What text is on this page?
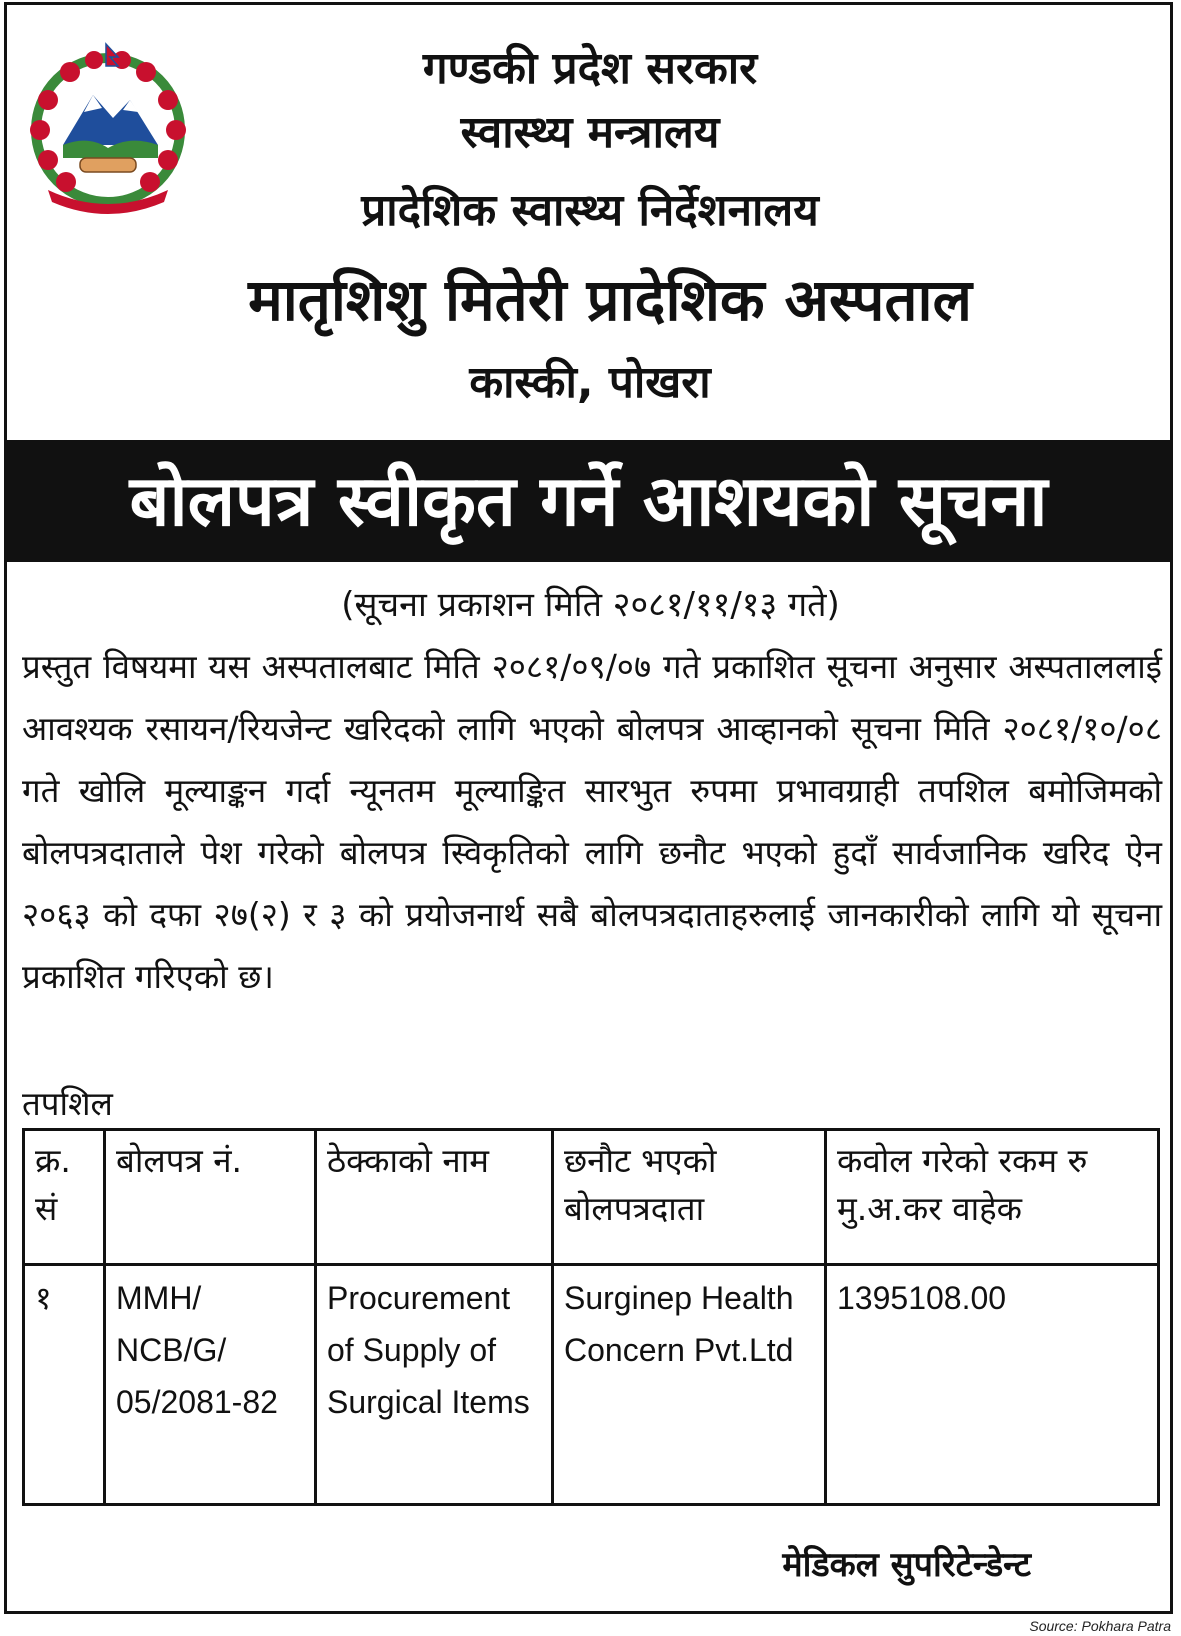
गण्डकी प्रदेश सरकार
स्वास्थ्य मन्त्रालय
प्रादेशिक स्वास्थ्य निर्देशनालय
मातृशिशु मितेरी प्रादेशिक अस्पताल
कास्की, पोखरा
बोलपत्र स्वीकृत गर्ने आशयको सूचना
(सूचना प्रकाशन मिति २०८१/११/१३ गते)
प्रस्तुत विषयमा यस अस्पतालबाट मिति २०८१/०९/०७ गते प्रकाशित सूचना अनुसार अस्पताललाई आवश्यक रसायन/रियजेन्ट खरिदको लागि भएको बोलपत्र आव्हानको सूचना मिति २०८१/१०/०८ गते खोलि मूल्याङ्कन गर्दा न्यूनतम मूल्याङ्कित सारभुत रुपमा प्रभावग्राही तपशिल बमोजिमको बोलपत्रदाताले पेश गरेको बोलपत्र स्विकृतिको लागि छनौट भएको हुदाँ सार्वजानिक खरिद ऐन २०६३ को दफा २७(२) र ३ को प्रयोजनार्थ सबै बोलपत्रदाताहरुलाई जानकारीको लागि यो सूचना प्रकाशित गरिएको छ।
तपशिल
क्र. सं	बोलपत्र नं.	ठेक्काको नाम	छनौट भएको बोलपत्रदाता	कवोल गरेको रकम रु मु.अ.कर वाहेक
१	MMH/ NCB/G/ 05/2081-82	Procurement of Supply of Surgical Items	Surginep Health Concern Pvt.Ltd	1395108.00
मेडिकल सुपरिटेन्डेन्ट
Source: Pokhara Patra
